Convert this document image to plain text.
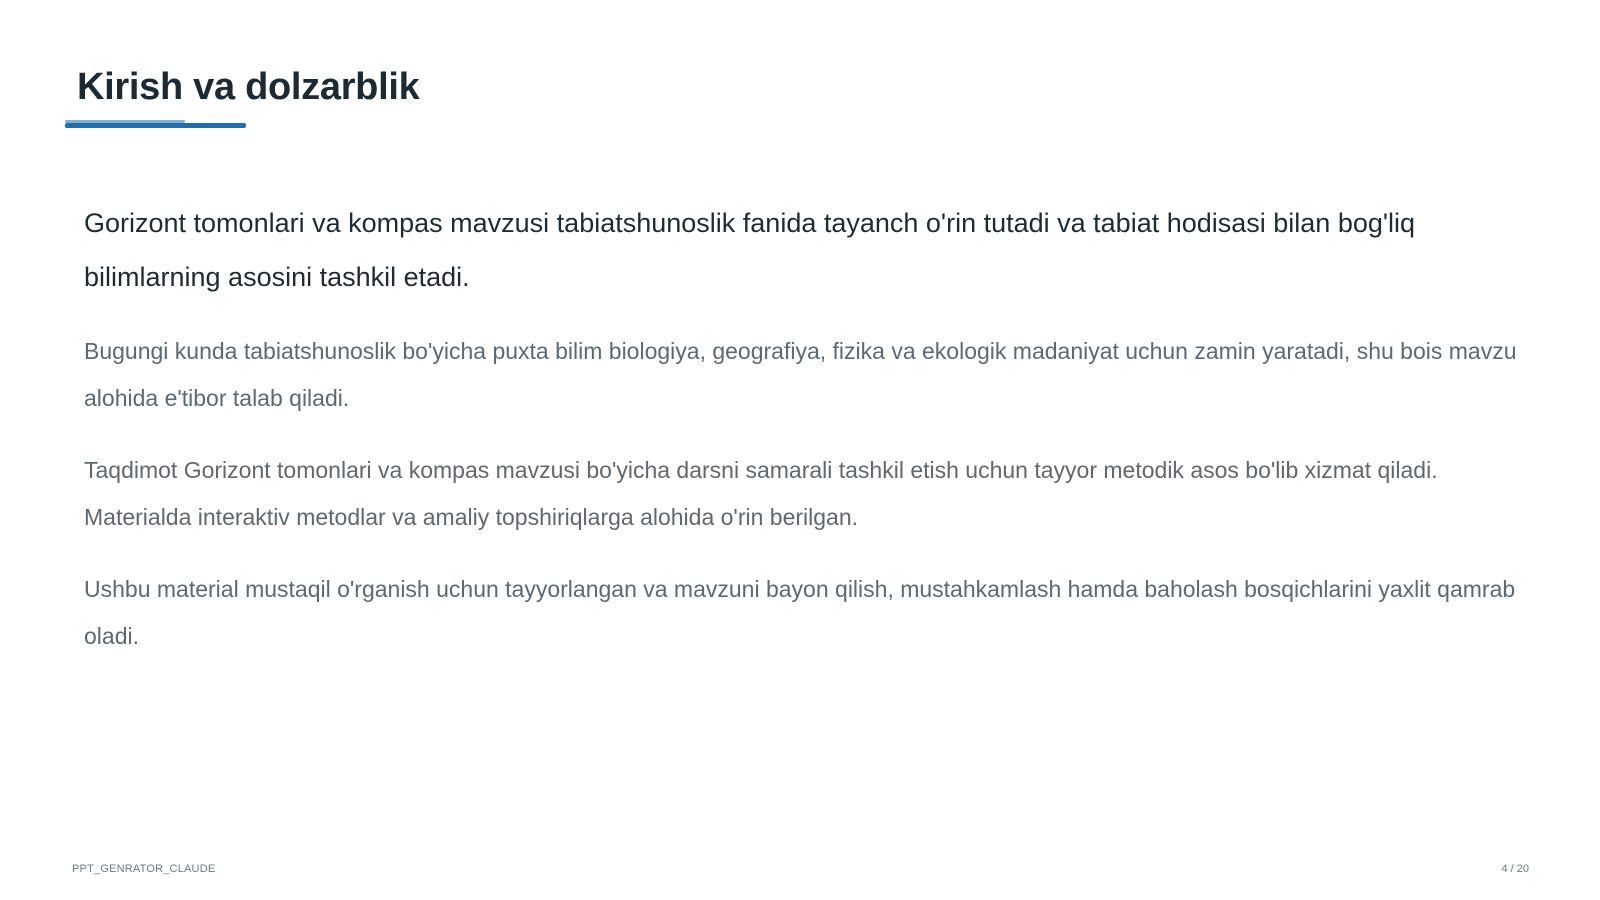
Kirish va dolzarblik

Gorizont tomonlari va kompas mavzusi tabiatshunoslik fanida tayanch o'rin tutadi va tabiat hodisasi bilan bog'liq bilimlarning asosini tashkil etadi.

Bugungi kunda tabiatshunoslik bo'yicha puxta bilim biologiya, geografiya, fizika va ekologik madaniyat uchun zamin yaratadi, shu bois mavzu alohida e'tibor talab qiladi.

Taqdimot Gorizont tomonlari va kompas mavzusi bo'yicha darsni samarali tashkil etish uchun tayyor metodik asos bo'lib xizmat qiladi. Materialda interaktiv metodlar va amaliy topshiriqlarga alohida o'rin berilgan.

Ushbu material mustaqil o'rganish uchun tayyorlangan va mavzuni bayon qilish, mustahkamlash hamda baholash bosqichlarini yaxlit qamrab oladi.

PPT_GENRATOR_CLAUDE	4 / 20
